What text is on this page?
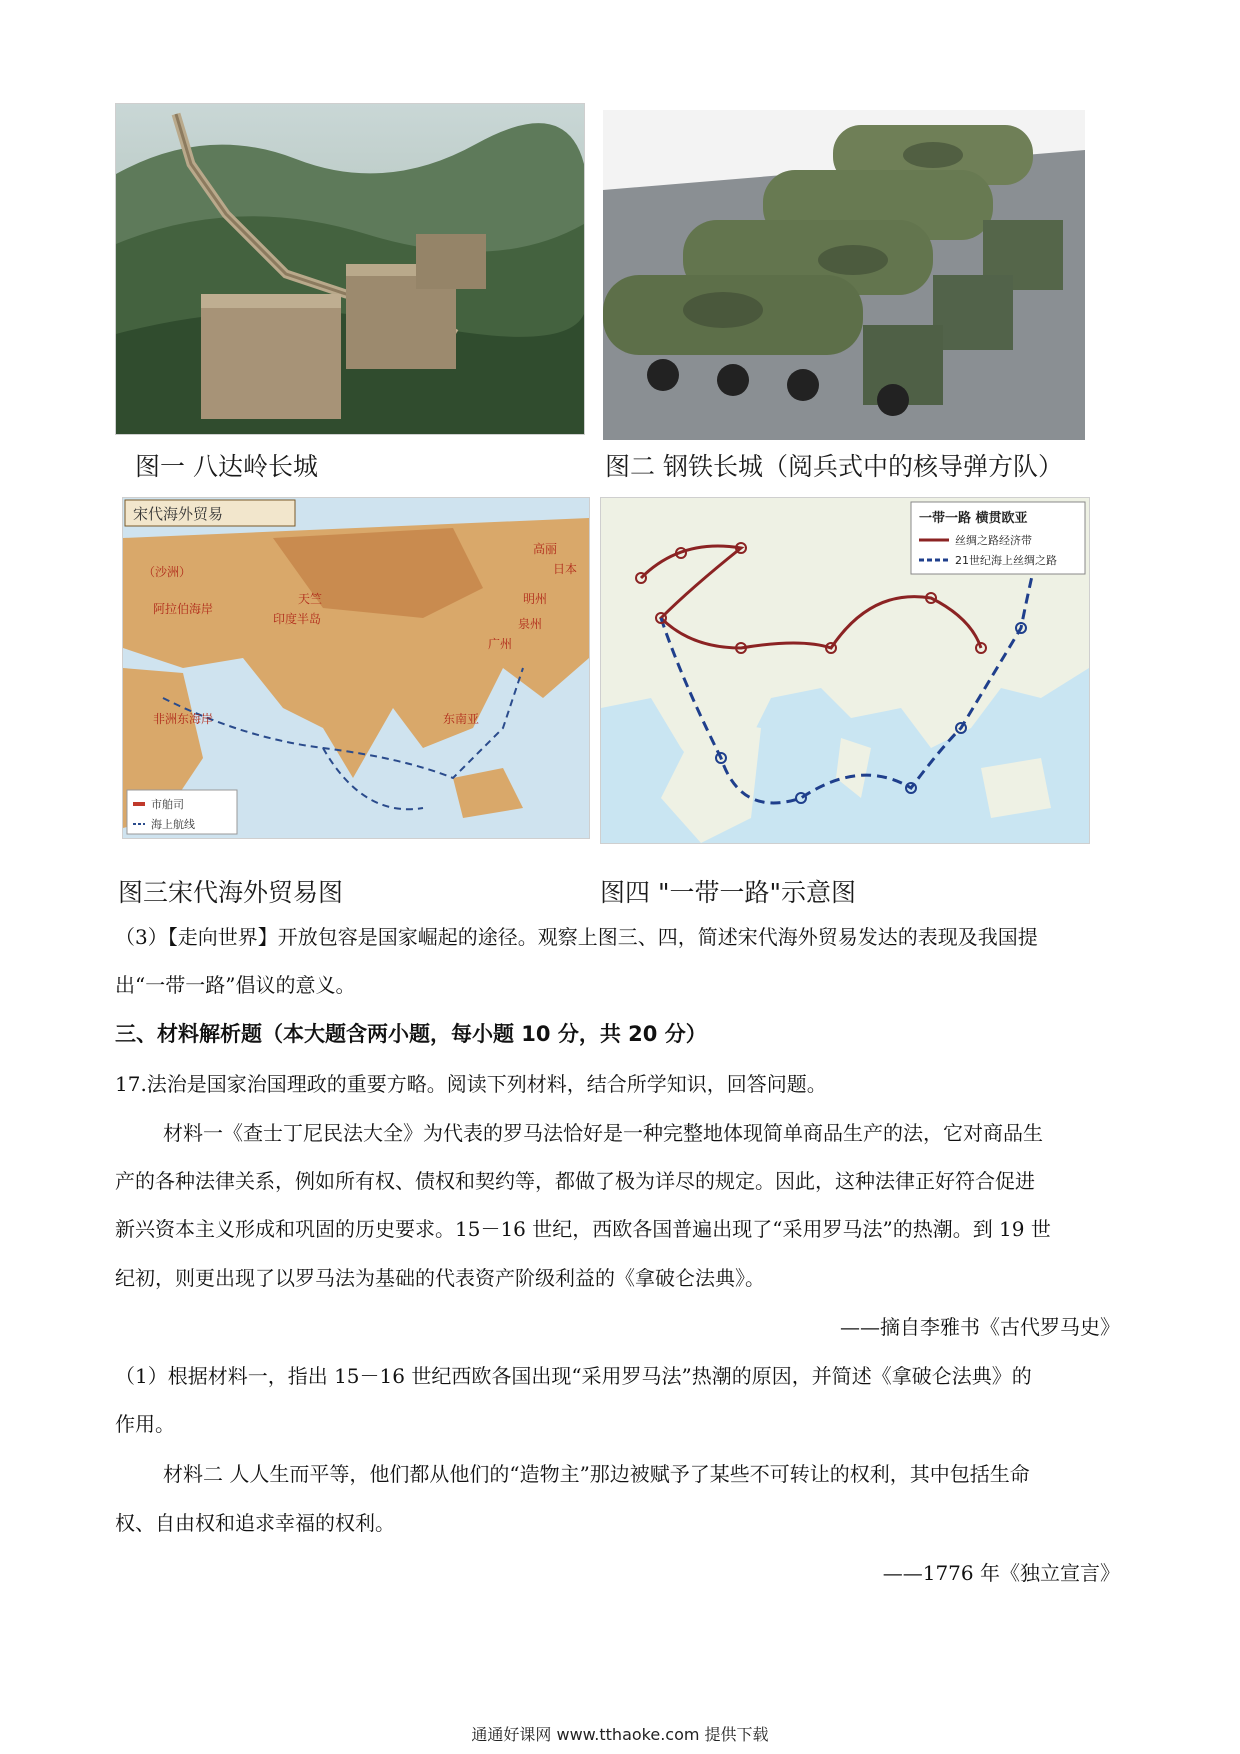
图一 八达岭长城	图二 钢铁长城（阅兵式中的核导弹方队）
宋代海外贸易
（沙洲）
阿拉伯海岸
印度半岛
天竺
非洲东海岸	东南亚
广州
泉州
明州
高丽
日本
市舶司
海上航线
图三宋代海外贸易图
一带一路 横贯欧亚
丝绸之路经济带
21世纪海上丝绸之路
图四 "一带一路"示意图
（3）【走向世界】开放包容是国家崛起的途径。观察上图三、四，简述宋代海外贸易发达的表现及我国提
出“一带一路”倡议的意义。
三、材料解析题（本大题含两小题，每小题 10 分，共 20 分）
17.法治是国家治国理政的重要方略。阅读下列材料，结合所学知识，回答问题。
材料一《查士丁尼民法大全》为代表的罗马法恰好是一种完整地体现简单商品生产的法，它对商品生
产的各种法律关系，例如所有权、债权和契约等，都做了极为详尽的规定。因此，这种法律正好符合促进
新兴资本主义形成和巩固的历史要求。15－16 世纪，西欧各国普遍出现了“采用罗马法”的热潮。到 19 世
纪初，则更出现了以罗马法为基础的代表资产阶级利益的《拿破仑法典》。
——摘自李雅书《古代罗马史》
（1）根据材料一，指出 15－16 世纪西欧各国出现“采用罗马法”热潮的原因，并简述《拿破仑法典》的
作用。
材料二 人人生而平等，他们都从他们的“造物主”那边被赋予了某些不可转让的权利，其中包括生命
权、自由权和追求幸福的权利。
——1776 年《独立宣言》
通通好课网 www.tthaoke.com 提供下载
